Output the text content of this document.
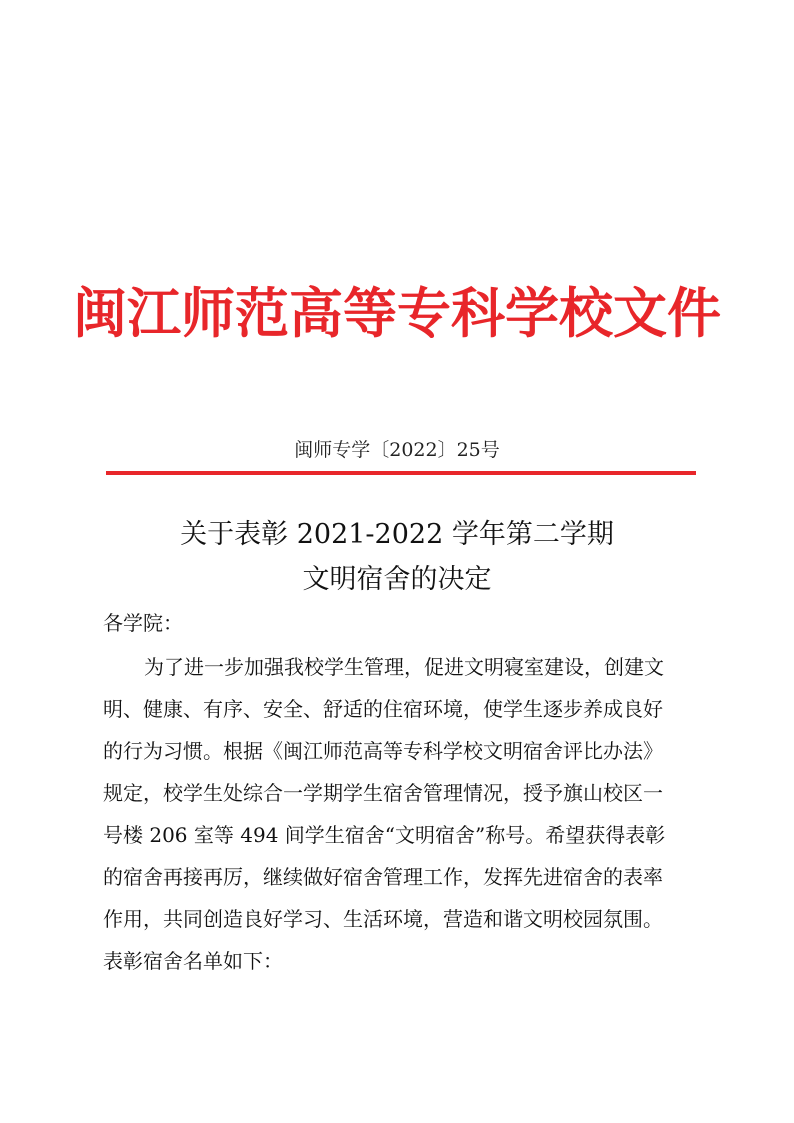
闽江师范高等专科学校文件
闽师专学〔2022〕25号
关于表彰 2021-2022 学年第二学期
文明宿舍的决定
各学院：
为了进一步加强我校学生管理，促进文明寝室建设，创建文
明、健康、有序、安全、舒适的住宿环境，使学生逐步养成良好
的行为习惯。根据《闽江师范高等专科学校文明宿舍评比办法》
规定，校学生处综合一学期学生宿舍管理情况，授予旗山校区一
号楼 206 室等 494 间学生宿舍“文明宿舍”称号。希望获得表彰
的宿舍再接再厉，继续做好宿舍管理工作，发挥先进宿舍的表率
作用，共同创造良好学习、生活环境，营造和谐文明校园氛围。
表彰宿舍名单如下：
